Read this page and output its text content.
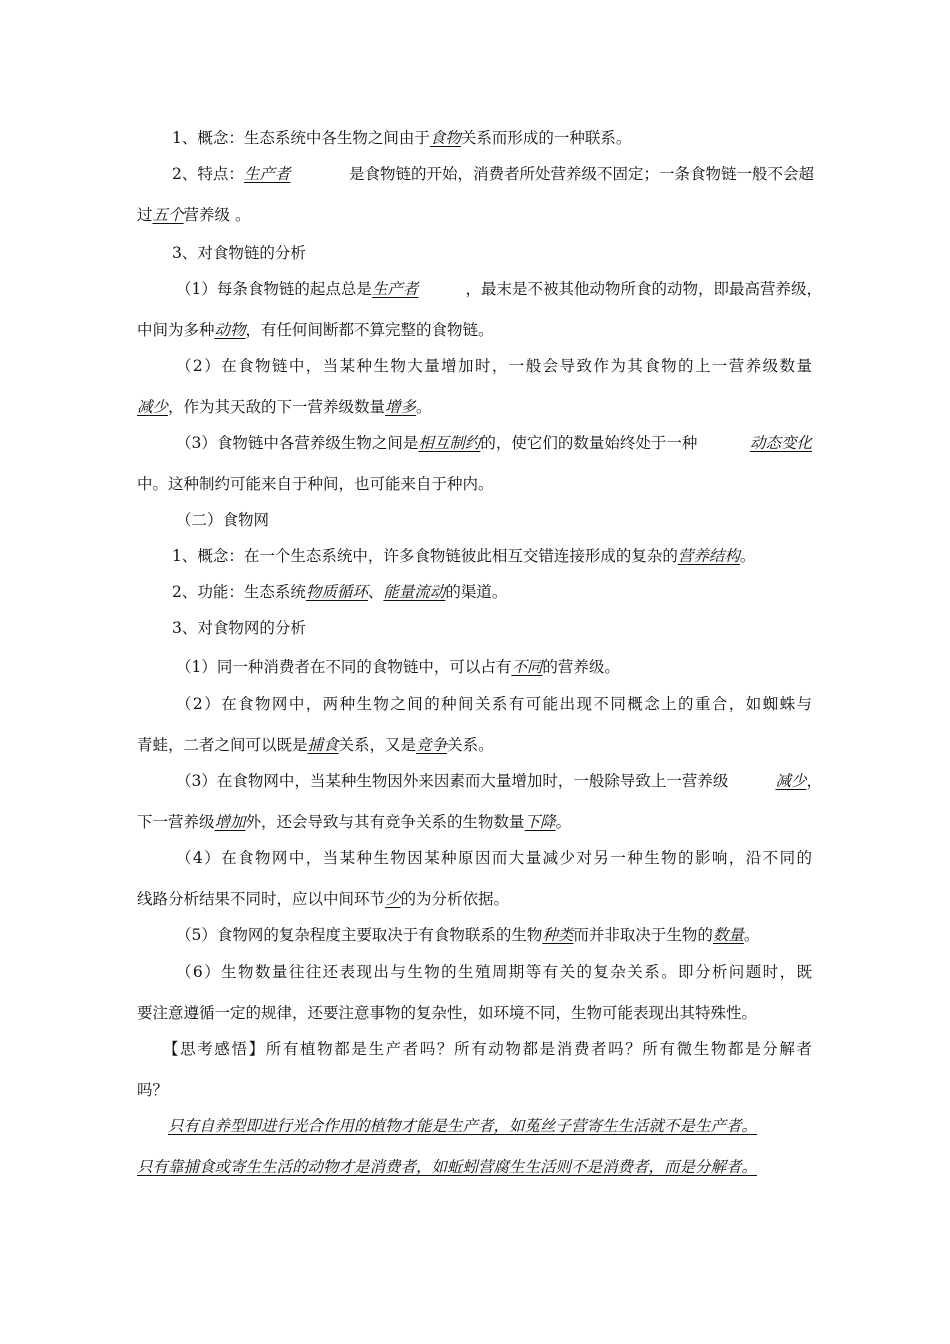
1、概念：生态系统中各生物之间由于食物关系而形成的一种联系。
2、特点：生产者	是食物链的开始，消费者所处营养级不固定；一条食物链一般不会超
过五个营养级 。
3、对食物链的分析
（1）每条食物链的起点总是生产者	，最末是不被其他动物所食的动物，即最高营养级，
中间为多种动物，有任何间断都不算完整的食物链。
（2）在食物链中，当某种生物大量增加时，一般会导致作为其食物的上一营养级数量
减少，作为其天敌的下一营养级数量增多。
（3）食物链中各营养级生物之间是相互制约的，使它们的数量始终处于一种	动态变化
中。这种制约可能来自于种间，也可能来自于种内。
（二）食物网
1、概念：在一个生态系统中，许多食物链彼此相互交错连接形成的复杂的营养结构。
2、功能：生态系统物质循环、能量流动的渠道。
3、对食物网的分析
（1）同一种消费者在不同的食物链中，可以占有不同的营养级。
（2）在食物网中，两种生物之间的种间关系有可能出现不同概念上的重合，如蜘蛛与
青蛙，二者之间可以既是捕食关系，又是竞争关系。
（3）在食物网中，当某种生物因外来因素而大量增加时，一般除导致上一营养级	减少，
下一营养级增加外，还会导致与其有竞争关系的生物数量下降。
（4）在食物网中，当某种生物因某种原因而大量减少对另一种生物的影响，沿不同的
线路分析结果不同时，应以中间环节少的为分析依据。
（5）食物网的复杂程度主要取决于有食物联系的生物种类而并非取决于生物的数量。
（6）生物数量往往还表现出与生物的生殖周期等有关的复杂关系。即分析问题时，既
要注意遵循一定的规律，还要注意事物的复杂性，如环境不同，生物可能表现出其特殊性。
【思考感悟】所有植物都是生产者吗？所有动物都是消费者吗？所有微生物都是分解者
吗？
只有自养型即进行光合作用的植物才能是生产者，如菟丝子营寄生生活就不是生产者。
只有靠捕食或寄生生活的动物才是消费者，如蚯蚓营腐生生活则不是消费者，而是分解者。
